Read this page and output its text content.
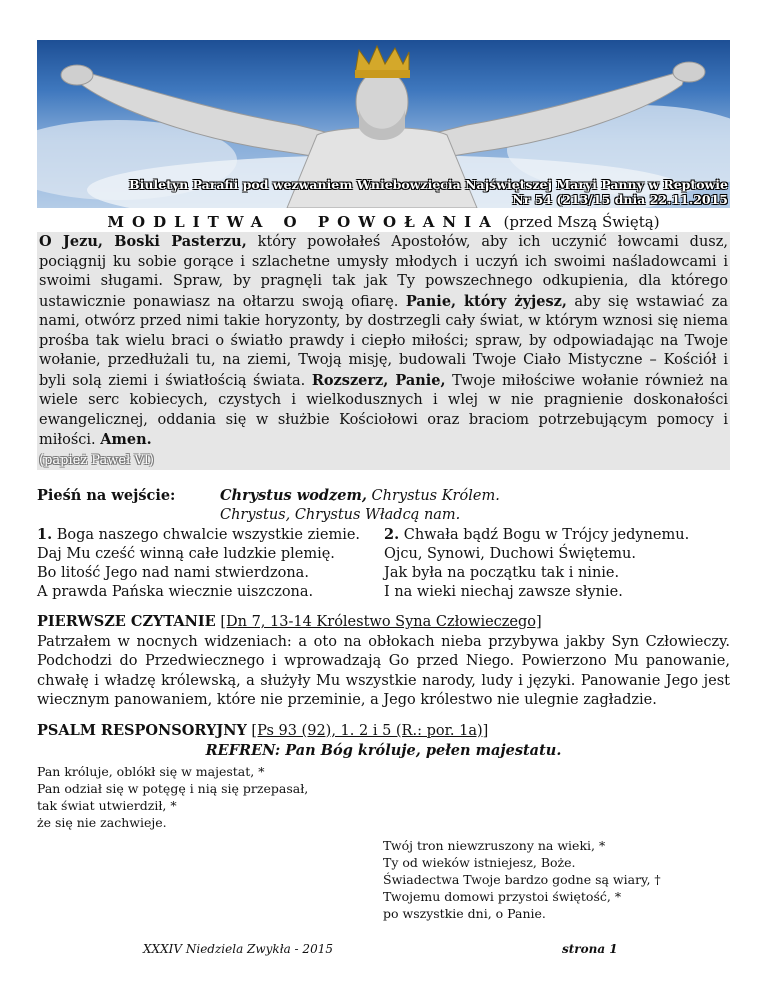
Biuletyn Parafii pod wezwaniem Wniebowzięcia Najświętszej Maryi Panny w Reptowie
Nr 54 (213/15 dnia 22.11.2015
MODLITWA O POWOŁANIA (przed Mszą Świętą)
O Jezu, Boski Pasterzu, który powołałeś Apostołów, aby ich uczynić łowcami dusz, pociągnij ku sobie gorące i szlachetne umysły młodych i uczyń ich swoimi naśladowcami i swoimi sługami. Spraw, by pragnęli tak jak Ty powszechnego odkupienia, dla którego ustawicznie ponawiasz na ołtarzu swoją ofiarę. Panie, który żyjesz, aby się wstawiać za nami, otwórz przed nimi takie horyzonty, by dostrzegli cały świat, w którym wznosi się niema prośba tak wielu braci o światło prawdy i ciepło miłości; spraw, by odpowiadając na Twoje wołanie, przedłużali tu, na ziemi, Twoją misję, budowali Twoje Ciało Mistyczne – Kościół i byli solą ziemi i światłością świata. Rozszerz, Panie, Twoje miłościwe wołanie również na wiele serc kobiecych, czystych i wielkodusznych i wlej w nie pragnienie doskonałości ewangelicznej, oddania się w służbie Kościołowi oraz braciom potrzebującym pomocy i miłości. Amen.
(papież Paweł VI)
Pieśń na wejście:	Chrystus wodzem, Chrystus Królem.
Chrystus, Chrystus Władcą nam.
1. Boga naszego chwalcie wszystkie ziemie.
Daj Mu cześć winną całe ludzkie plemię.
Bo litość Jego nad nami stwierdzona.
A prawda Pańska wiecznie uiszczona.
2. Chwała bądź Bogu w Trójcy jedynemu.
Ojcu, Synowi, Duchowi Świętemu.
Jak była na początku tak i ninie.
I na wieki niechaj zawsze słynie.
PIERWSZE CZYTANIE [Dn 7, 13-14 Królestwo Syna Człowieczego]
Patrzałem w nocnych widzeniach: a oto na obłokach nieba przybywa jakby Syn Człowieczy. Podchodzi do Przedwiecznego i wprowadzają Go przed Niego. Powierzono Mu panowanie, chwałę i władzę królewską, a służyły Mu wszystkie narody, ludy i języki. Panowanie Jego jest wiecznym panowaniem, które nie przeminie, a Jego królestwo nie ulegnie zagładzie.
PSALM RESPONSORYJNY [Ps 93 (92), 1. 2 i 5 (R.: por. 1a)]
REFREN: Pan Bóg króluje, pełen majestatu.
Pan króluje, oblókł się w majestat, *
Pan odział się w potęgę i nią się przepasał,
tak świat utwierdził, *
że się nie zachwieje.
Twój tron niewzruszony na wieki, *
Ty od wieków istniejesz, Boże.
Świadectwa Twoje bardzo godne są wiary, †
Twojemu domowi przystoi świętość, *
po wszystkie dni, o Panie.
XXXIV Niedziela Zwykła - 2015	strona 1
